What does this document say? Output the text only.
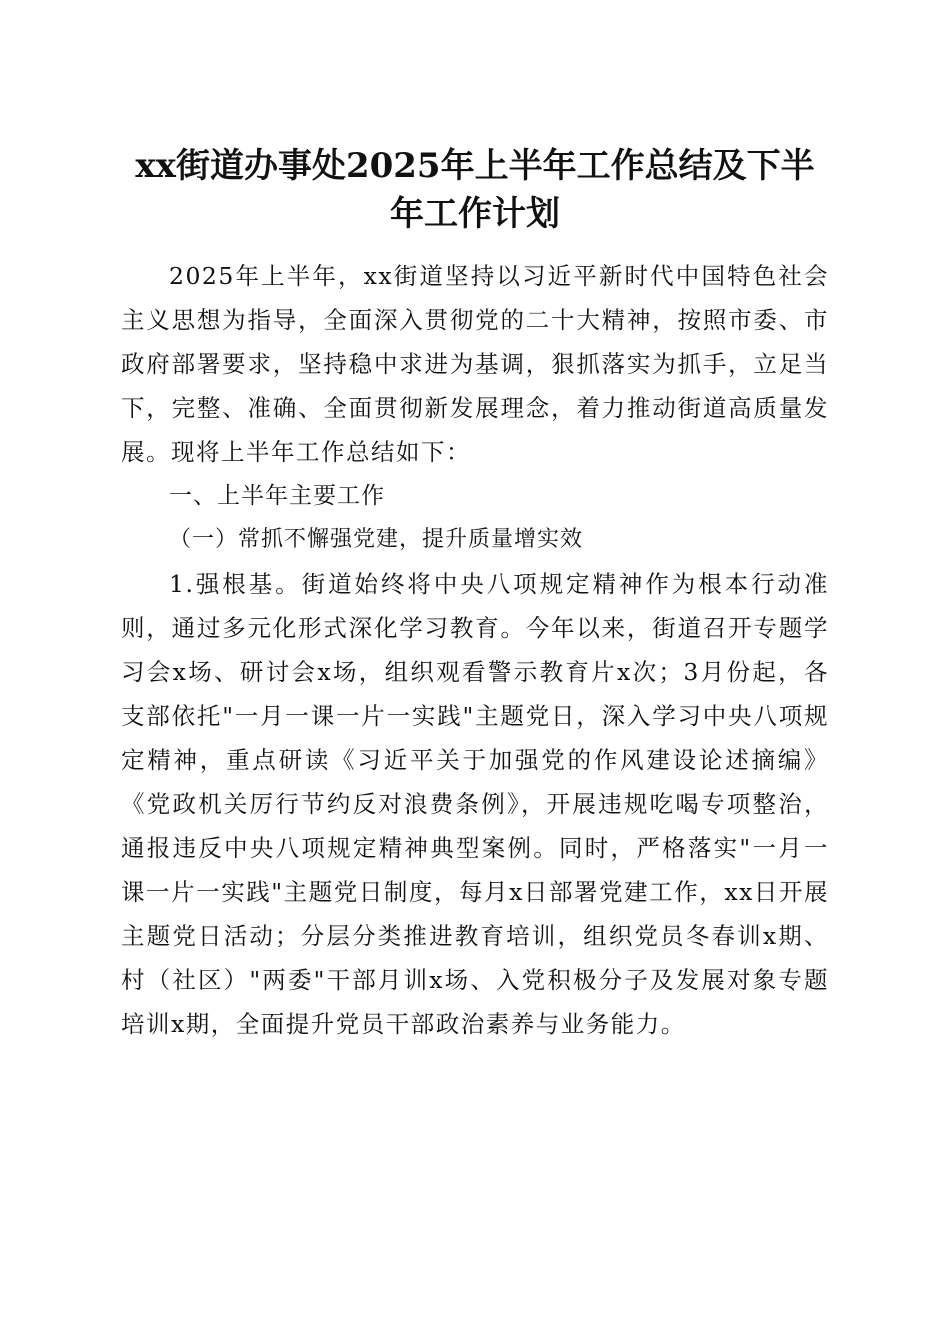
xx街道办事处2025年上半年工作总结及下半
年工作计划

2025年上半年，xx街道坚持以习近平新时代中国特色社会主义思想为指导，全面深入贯彻党的二十大精神，按照市委、市政府部署要求，坚持稳中求进为基调，狠抓落实为抓手，立足当下，完整、准确、全面贯彻新发展理念，着力推动街道高质量发展。现将上半年工作总结如下：

一、上半年主要工作

（一）常抓不懈强党建，提升质量增实效

1.强根基。街道始终将中央八项规定精神作为根本行动准则，通过多元化形式深化学习教育。今年以来，街道召开专题学习会x场、研讨会x场，组织观看警示教育片x次；3月份起，各支部依托"一月一课一片一实践"主题党日，深入学习中央八项规定精神，重点研读《习近平关于加强党的作风建设论述摘编》《党政机关厉行节约反对浪费条例》，开展违规吃喝专项整治，通报违反中央八项规定精神典型案例。同时，严格落实"一月一课一片一实践"主题党日制度，每月x日部署党建工作，xx日开展主题党日活动；分层分类推进教育培训，组织党员冬春训x期、村（社区）"两委"干部月训x场、入党积极分子及发展对象专题培训x期，全面提升党员干部政治素养与业务能力。
